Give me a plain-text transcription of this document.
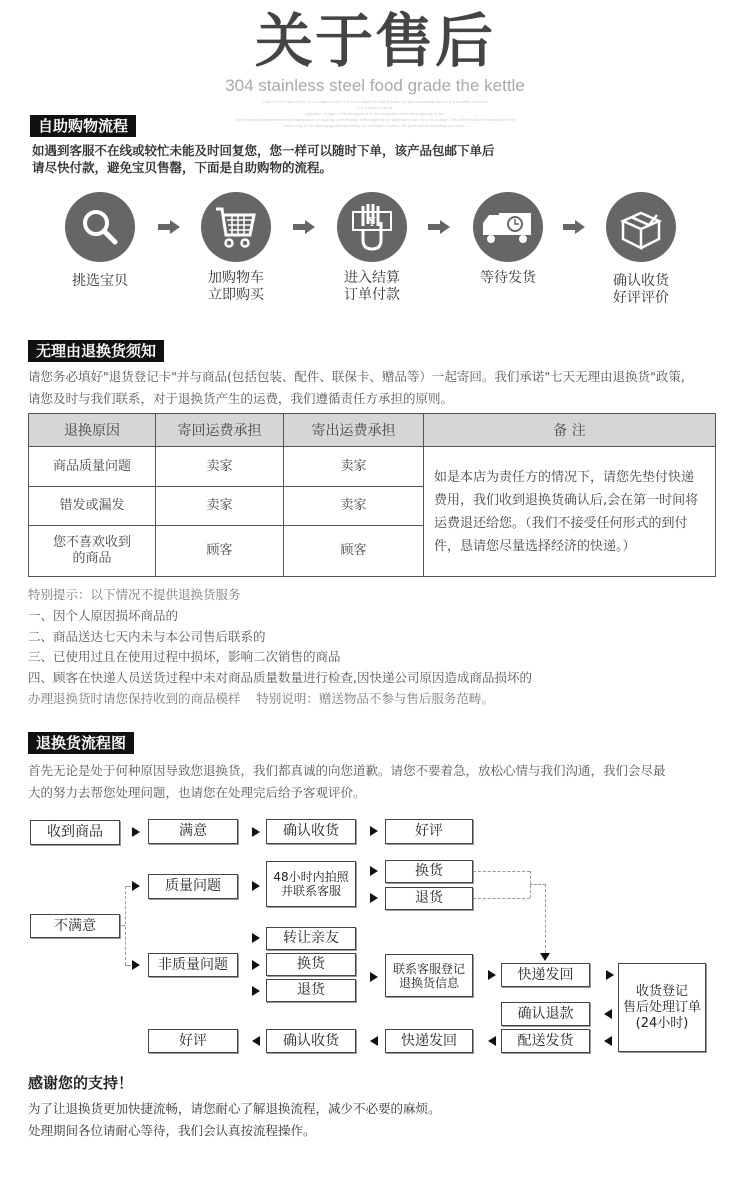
关于售后
304 stainless steel food grade the kettle
Youth is not a time of life; it is a state of mind; it is not a matter of rosy cheeks, red lips and supple knees; it is a matter of the wil
l, a quality of the im
agination, a vigor of the emotions; it is the freshness of the deep springs of life.
Youth means a temperamental predominance of courage over timidity, of the appetite for adventure over the love of ease. This often exists in a man of 60 more
than a boy of 20. Nobody grows old merely by a number of years. We grow old by deserting our ideals.
自助购物流程
如遇到客服不在线或较忙未能及时回复您，您一样可以随时下单，该产品包邮下单后
请尽快付款，避免宝贝售罄，下面是自助购物的流程。
¥
挑选宝贝	加购物车
立即购买
进入结算
订单付款
等待发货	确认收货
好评评价
无理由退换货须知
请您务必填好"退货登记卡"并与商品(包括包装、配件、联保卡、赠品等）一起寄回。我们承诺"七天无理由退换货"政策,
请您及时与我们联系，对于退换货产生的运费，我们遵循责任方承担的原则。
退换原因	寄回运费承担	寄出运费承担	备 注
商品质量问题	卖家	卖家	如是本店为责任方的情况下，请您先垫付快递费用，我们收到退换货确认后,会在第一时间将运费退还给您。（我们不接受任何形式的到付件，恳请您尽量选择经济的快递。）
错发或漏发	卖家	卖家	
您不喜欢收到的商品	顾客	顾客	
特别提示：以下情况不提供退换货服务
一、因个人原因损坏商品的
二、商品送达七天内未与本公司售后联系的
三、已使用过且在使用过程中损坏，影响二次销售的商品
四、顾客在快递人员送货过程中未对商品质量数量进行检查,因快递公司原因造成商品损坏的
办理退换货时请您保持收到的商品模样    特别说明：赠送物品不参与售后服务范畴。
退换货流程图
首先无论是处于何种原因导致您退换货，我们都真诚的向您道歉。请您不要着急，放松心情与我们沟通，我们会尽最
大的努力去帮您处理问题，也请您在处理完后给予客观评价。
收到商品	满意	确认收货	好评
质量问题
48小时内拍照
并联系客服
换货
退货
不满意
转让亲友
非质量问题	换货
退货
联系客服登记
退换货信息	快递发回
收货登记
售后处理订单
(24小时)
确认退款
配送发货
快递发回
确认收货
好评
感谢您的支持！
为了让退换货更加快捷流畅，请您耐心了解退换流程，减少不必要的麻烦。
处理期间各位请耐心等待，我们会认真按流程操作。
